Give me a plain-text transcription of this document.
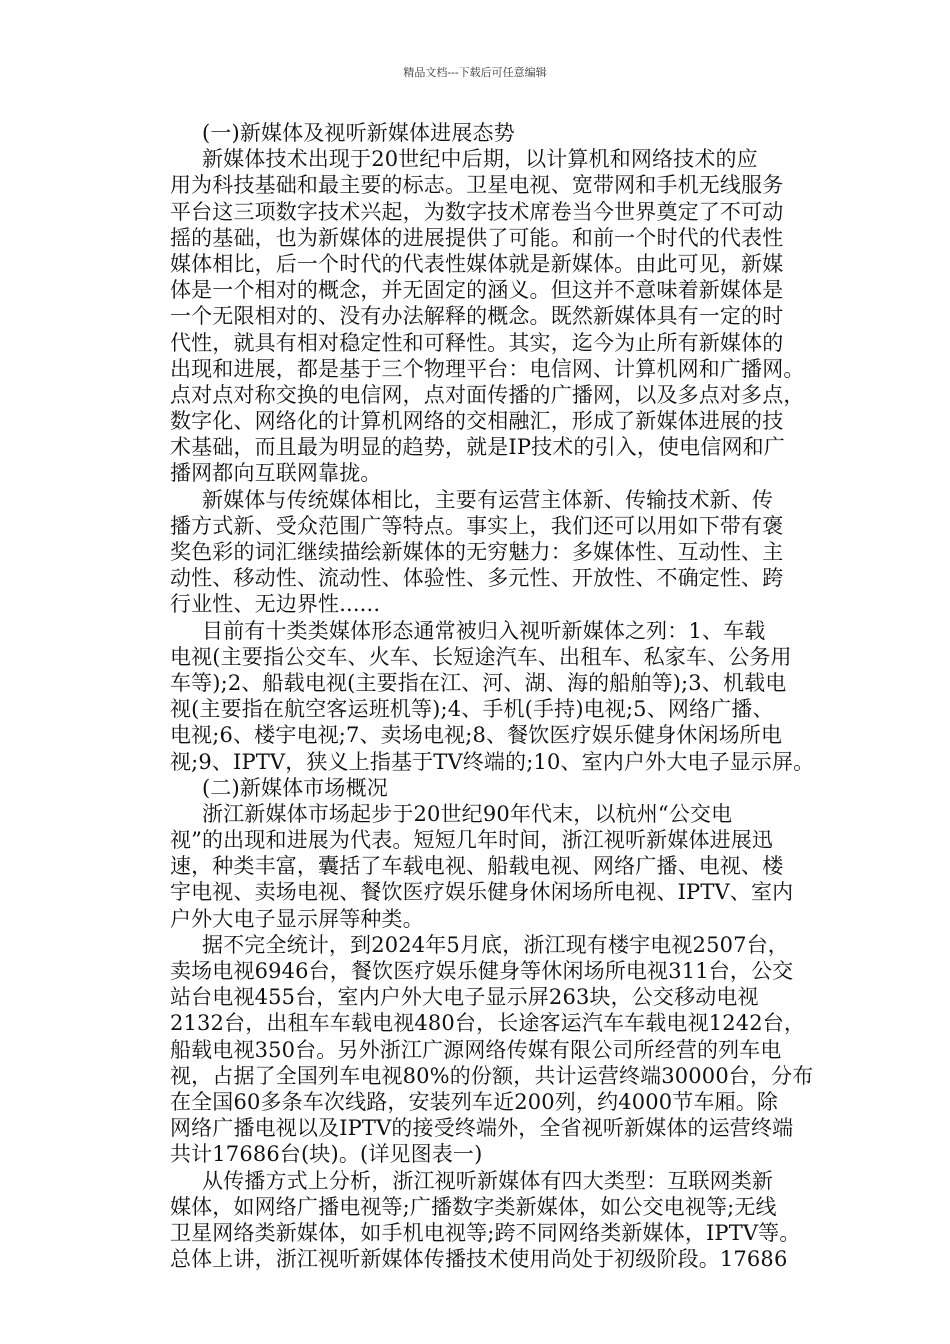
精品文档---下载后可任意编辑
(一)新媒体及视听新媒体进展态势
新媒体技术出现于20世纪中后期，以计算机和网络技术的应
用为科技基础和最主要的标志。卫星电视、宽带网和手机无线服务
平台这三项数字技术兴起，为数字技术席卷当今世界奠定了不可动
摇的基础，也为新媒体的进展提供了可能。和前一个时代的代表性
媒体相比，后一个时代的代表性媒体就是新媒体。由此可见，新媒
体是一个相对的概念，并无固定的涵义。但这并不意味着新媒体是
一个无限相对的、没有办法解释的概念。既然新媒体具有一定的时
代性，就具有相对稳定性和可释性。其实，迄今为止所有新媒体的
出现和进展，都是基于三个物理平台：电信网、计算机网和广播网。
点对点对称交换的电信网，点对面传播的广播网，以及多点对多点，
数字化、网络化的计算机网络的交相融汇，形成了新媒体进展的技
术基础，而且最为明显的趋势，就是IP技术的引入，使电信网和广
播网都向互联网靠拢。
新媒体与传统媒体相比，主要有运营主体新、传输技术新、传
播方式新、受众范围广等特点。事实上，我们还可以用如下带有褒
奖色彩的词汇继续描绘新媒体的无穷魅力：多媒体性、互动性、主
动性、移动性、流动性、体验性、多元性、开放性、不确定性、跨
行业性、无边界性......
目前有十类类媒体形态通常被归入视听新媒体之列：1、车载
电视(主要指公交车、火车、长短途汽车、出租车、私家车、公务用
车等);2、船载电视(主要指在江、河、湖、海的船舶等);3、机载电
视(主要指在航空客运班机等);4、手机(手持)电视;5、网络广播、
电视;6、楼宇电视;7、卖场电视;8、餐饮医疗娱乐健身休闲场所电
视;9、IPTV，狭义上指基于TV终端的;10、室内户外大电子显示屏。
(二)新媒体市场概况
浙江新媒体市场起步于20世纪90年代末，以杭州“公交电
视”的出现和进展为代表。短短几年时间，浙江视听新媒体进展迅
速，种类丰富，囊括了车载电视、船载电视、网络广播、电视、楼
宇电视、卖场电视、餐饮医疗娱乐健身休闲场所电视、IPTV、室内
户外大电子显示屏等种类。
据不完全统计，到2024年5月底，浙江现有楼宇电视2507台，
卖场电视6946台，餐饮医疗娱乐健身等休闲场所电视311台，公交
站台电视455台，室内户外大电子显示屏263块，公交移动电视
2132台，出租车车载电视480台，长途客运汽车车载电视1242台，
船载电视350台。另外浙江广源网络传媒有限公司所经营的列车电
视，占据了全国列车电视80%的份额，共计运营终端30000台，分布
在全国60多条车次线路，安装列车近200列，约4000节车厢。除
网络广播电视以及IPTV的接受终端外，全省视听新媒体的运营终端
共计17686台(块)。(详见图表一)
从传播方式上分析，浙江视听新媒体有四大类型：互联网类新
媒体，如网络广播电视等;广播数字类新媒体，如公交电视等;无线
卫星网络类新媒体，如手机电视等;跨不同网络类新媒体，IPTV等。
总体上讲，浙江视听新媒体传播技术使用尚处于初级阶段。17686
